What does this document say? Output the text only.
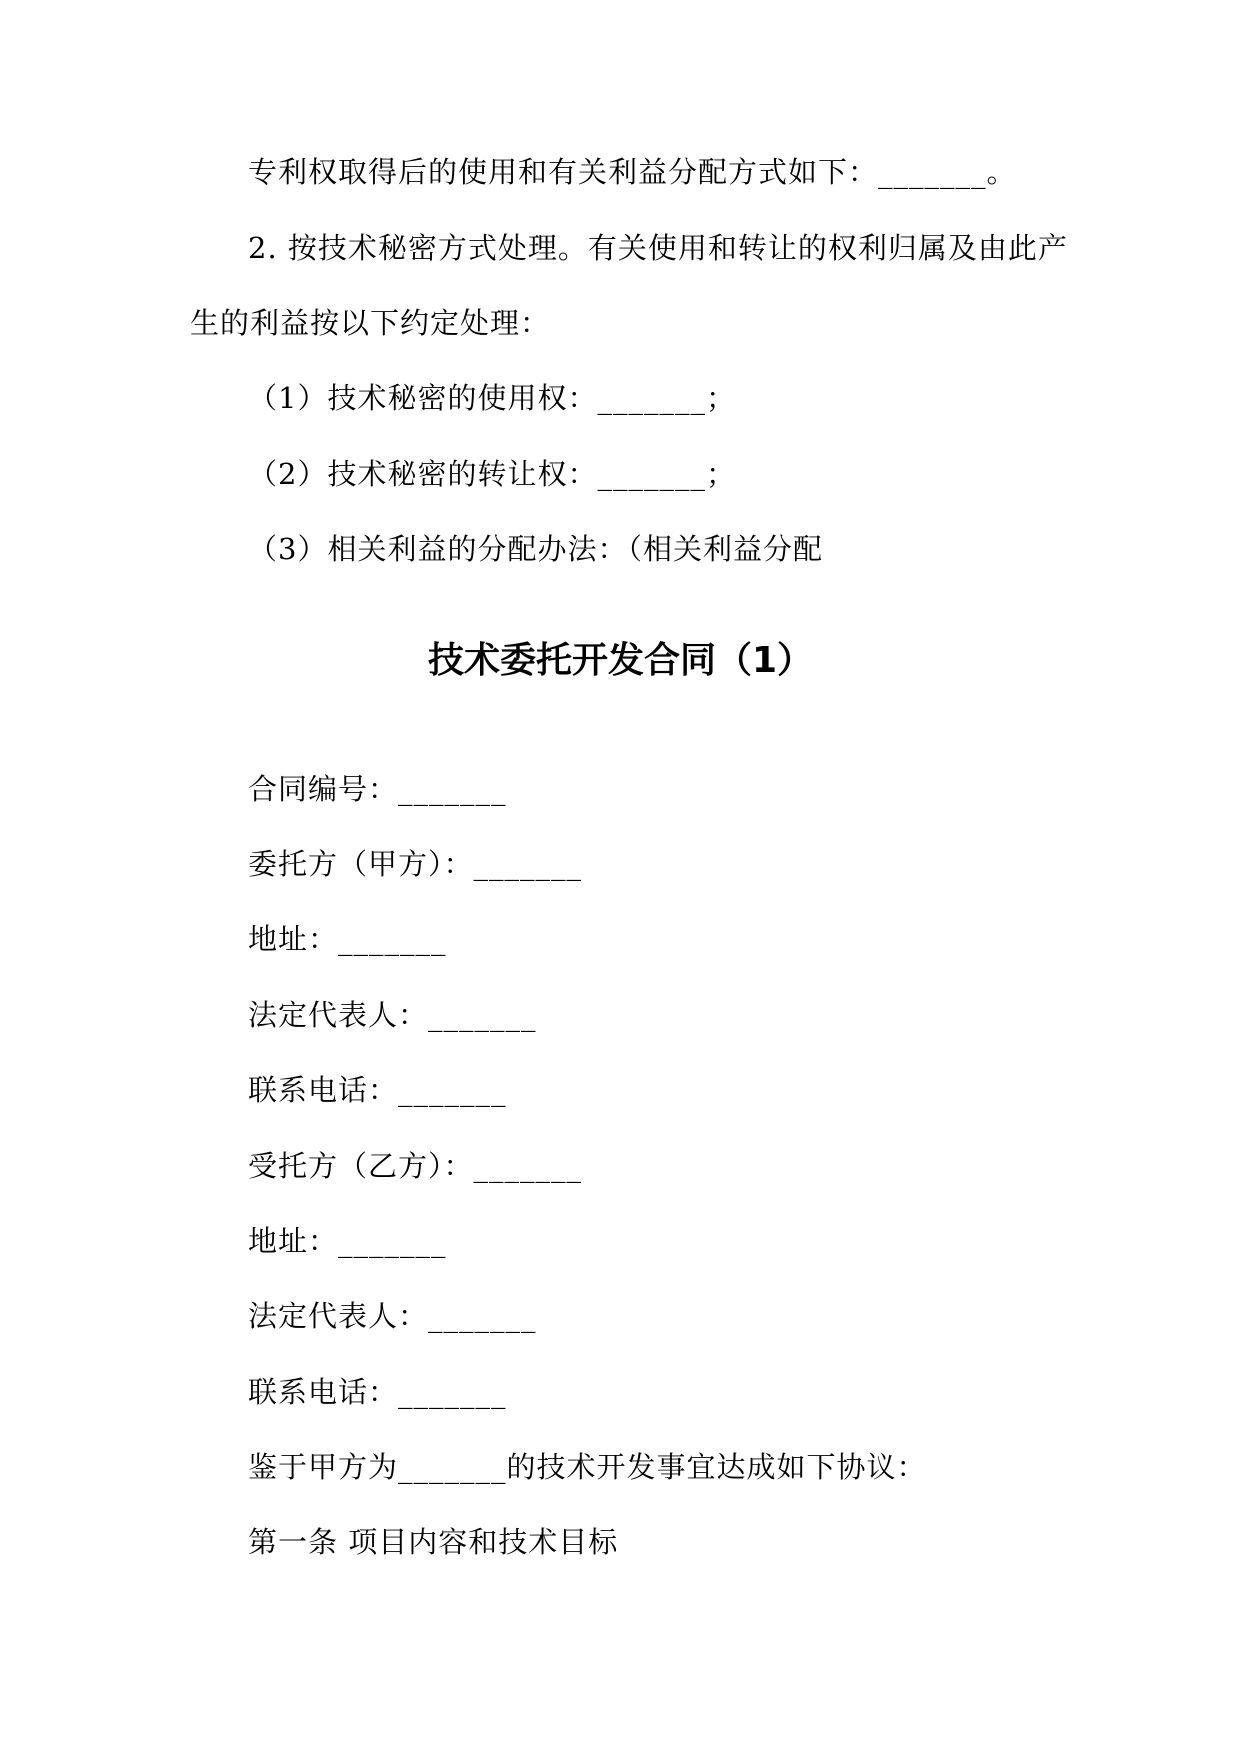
专利权取得后的使用和有关利益分配方式如下：_______。
2. 按技术秘密方式处理。有关使用和转让的权利归属及由此产
生的利益按以下约定处理：
（1）技术秘密的使用权：_______；
（2）技术秘密的转让权：_______；
（3）相关利益的分配办法：（相关利益分配
技术委托开发合同（1）
合同编号：_______
委托方（甲方）：_______
地址：_______
法定代表人：_______
联系电话：_______
受托方（乙方）：_______
地址：_______
法定代表人：_______
联系电话：_______
鉴于甲方为_______的技术开发事宜达成如下协议：
第一条 项目内容和技术目标
